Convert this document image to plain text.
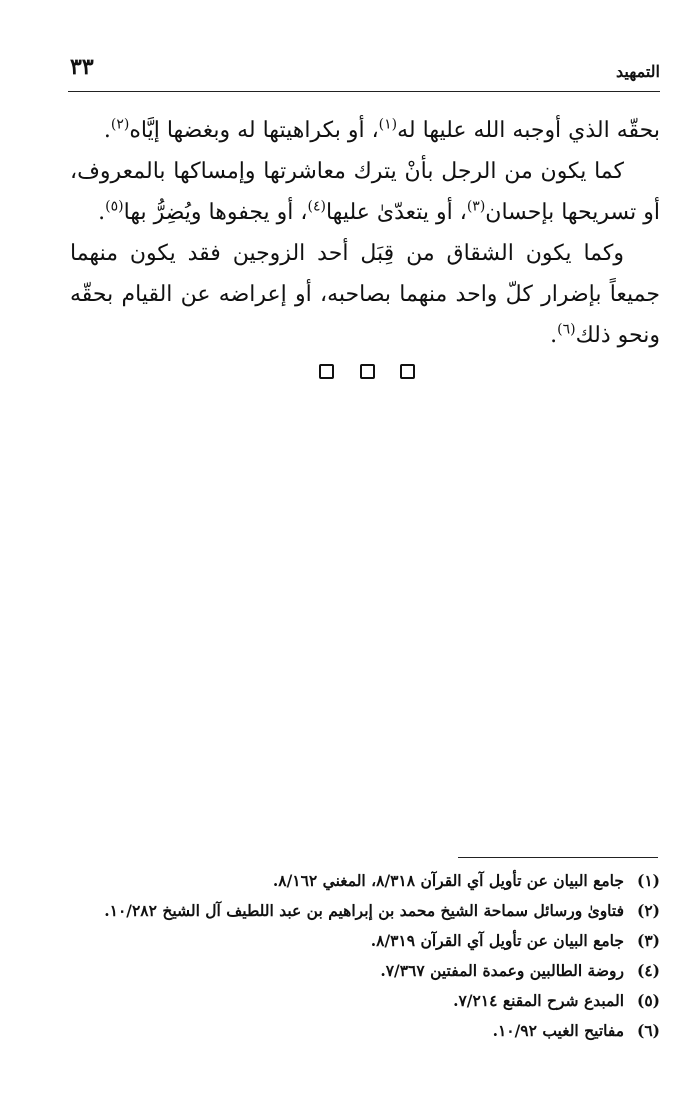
التمهيد
٣٣

بحقّه الذي أوجبه الله عليها له$^{(١)}$، أو بكراهيتها له وبغضها إيَّاه$^{(٢)}$.

كما يكون من الرجل بأنْ يترك معاشرتها وإمساكها بالمعروف، أو تسريحها بإحسان$^{(٣)}$، أو يتعدّىٰ عليها$^{(٤)}$، أو يجفوها ويُضِرُّ بها$^{(٥)}$.

وكما يكون الشقاق من قِبَل أحد الزوجين فقد يكون منهما جميعاً بإضرار كلّ واحد منهما بصاحبه، أو إعراضه عن القيام بحقّه ونحو ذلك$^{(٦)}$.

(١)
جامع البيان عن تأويل آي القرآن ٨/٣١٨، المغني ٨/١٦٢.
(٢)
فتاوىٰ ورسائل سماحة الشيخ محمد بن إبراهيم بن عبد اللطيف آل الشيخ ١٠/٢٨٢.
(٣)
جامع البيان عن تأويل آي القرآن ٨/٣١٩.
(٤)
روضة الطالبين وعمدة المفتين ٧/٣٦٧.
(٥)
المبدع شرح المقنع ٧/٢١٤.
(٦)
مفاتيح الغيب ١٠/٩٢.
